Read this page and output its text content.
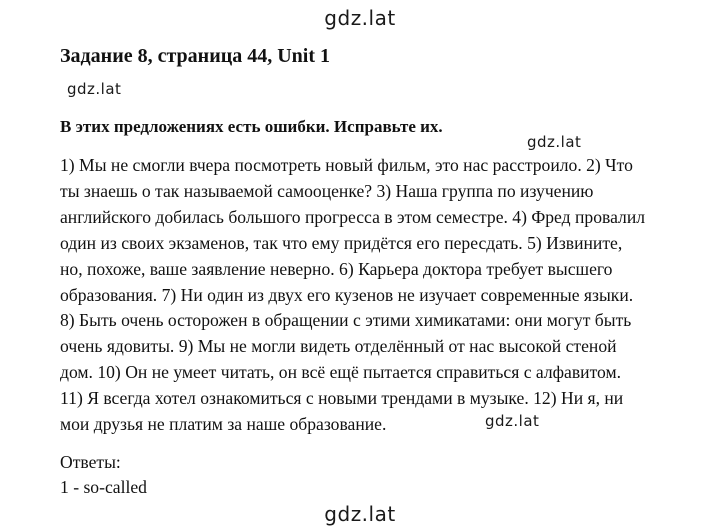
gdz.lat
Задание 8, страница 44, Unit 1
gdz.lat

В этих предложениях есть ошибки. Исправьте их.

gdz.lat
1) Мы не смогли вчера посмотреть новый фильм, это нас расстроило. 2) Что
ты знаешь о так называемой самооценке? 3) Наша группа по изучению
английского добилась большого прогресса в этом семестре. 4) Фред провалил
один из своих экзаменов, так что ему придётся его пересдать. 5) Извините,
но, похоже, ваше заявление неверно. 6) Карьера доктора требует высшего
образования. 7) Ни один из двух его кузенов не изучает современные языки.
8) Быть очень осторожен в обращении с этими химикатами: они могут быть
очень ядовиты. 9) Мы не могли видеть отделённый от нас высокой стеной
дом. 10) Он не умеет читать, он всё ещё пытается справиться с алфавитом.
11) Я всегда хотел ознакомиться с новыми трендами в музыке. 12) Ни я, ни
мои друзья не платим за наше образование.	gdz.lat

Ответы:

1 - so-called

gdz.lat
